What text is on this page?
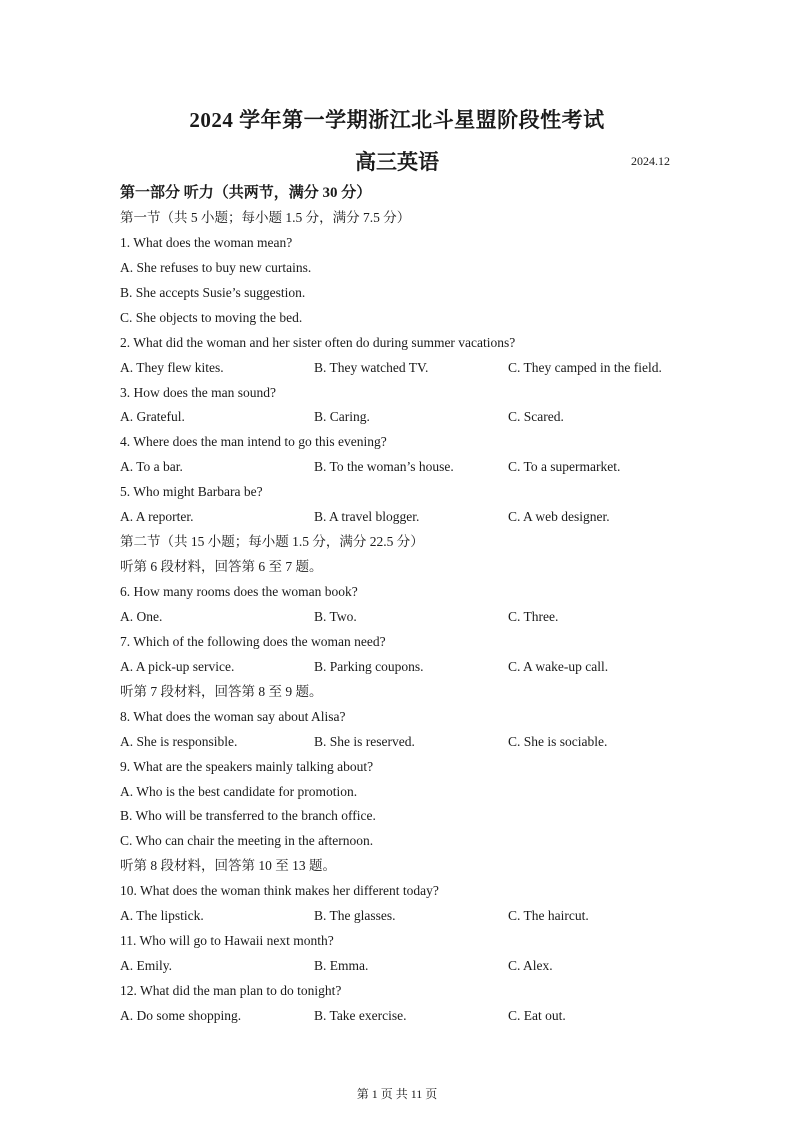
2024 学年第一学期浙江北斗星盟阶段性考试
高三英语	2024.12
第一部分 听力（共两节，满分 30 分）
第一节（共 5 小题；每小题 1.5 分，满分 7.5 分）
1. What does the woman mean?
A. She refuses to buy new curtains.
B. She accepts Susie’s suggestion.
C. She objects to moving the bed.
2. What did the woman and her sister often do during summer vacations?
A. They flew kites.	B. They watched TV.	C. They camped in the field.
3. How does the man sound?
A. Grateful.	B. Caring.	C. Scared.
4. Where does the man intend to go this evening?
A. To a bar.	B. To the woman’s house.	C. To a supermarket.
5. Who might Barbara be?
A. A reporter.	B. A travel blogger.	C. A web designer.
第二节（共 15 小题；每小题 1.5 分，满分 22.5 分）
听第 6 段材料，回答第 6 至 7 题。
6. How many rooms does the woman book?
A. One.	B. Two.	C. Three.
7. Which of the following does the woman need?
A. A pick-up service.	B. Parking coupons.	C. A wake-up call.
听第 7 段材料，回答第 8 至 9 题。
8. What does the woman say about Alisa?
A. She is responsible.	B. She is reserved.	C. She is sociable.
9. What are the speakers mainly talking about?
A. Who is the best candidate for promotion.
B. Who will be transferred to the branch office.
C. Who can chair the meeting in the afternoon.
听第 8 段材料，回答第 10 至 13 题。
10. What does the woman think makes her different today?
A. The lipstick.	B. The glasses.	C. The haircut.
11. Who will go to Hawaii next month?
A. Emily.	B. Emma.	C. Alex.
12. What did the man plan to do tonight?
A. Do some shopping.	B. Take exercise.	C. Eat out.
第 1 页 共 11 页
